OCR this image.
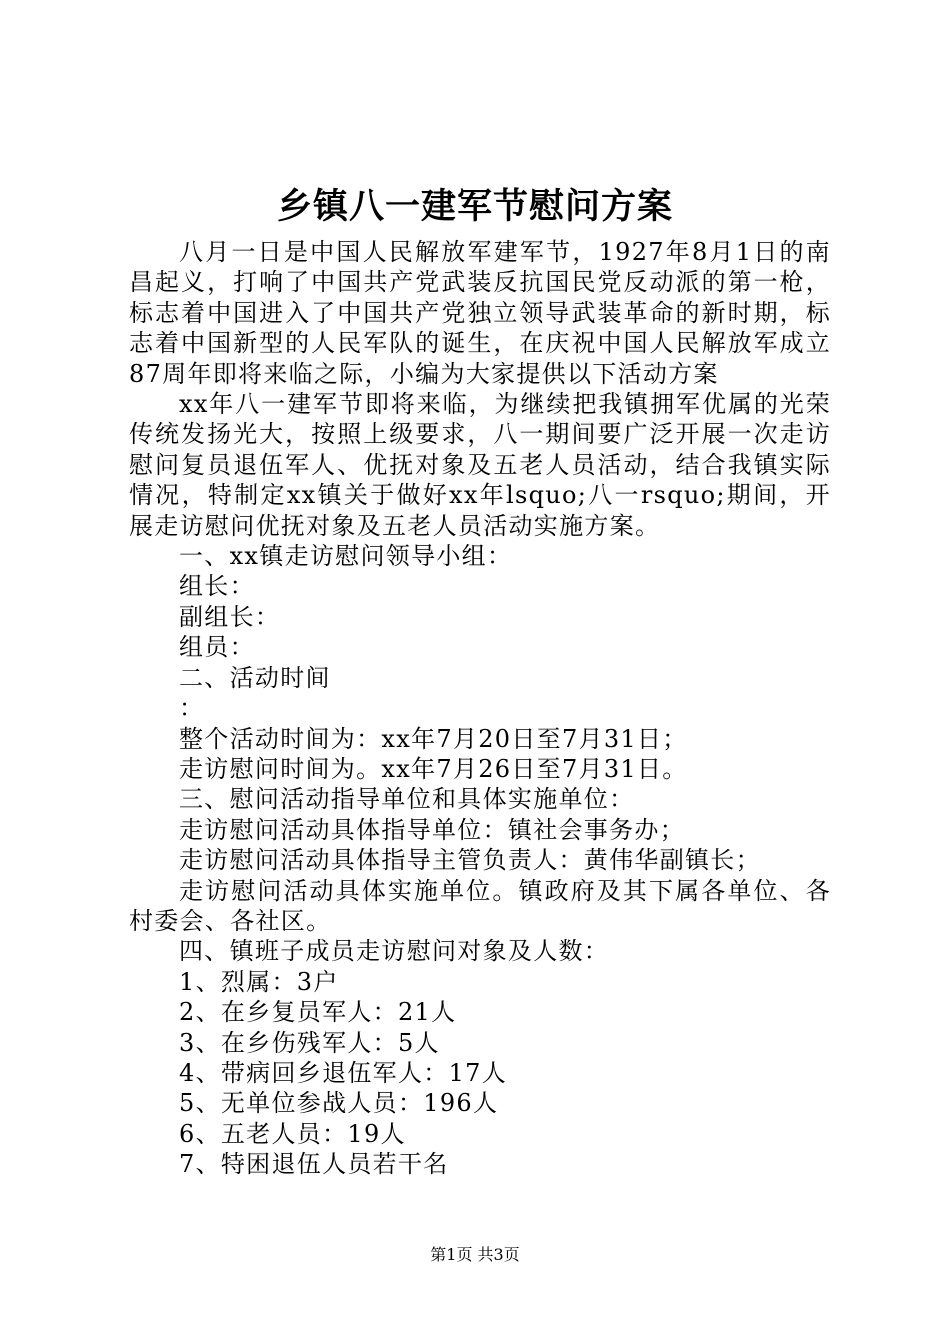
乡镇八一建军节慰问方案

八月一日是中国人民解放军建军节，1927年8月1日的南昌起义，打响了中国共产党武装反抗国民党反动派的第一枪，标志着中国进入了中国共产党独立领导武装革命的新时期，标志着中国新型的人民军队的诞生，在庆祝中国人民解放军成立87周年即将来临之际，小编为大家提供以下活动方案

xx年八一建军节即将来临，为继续把我镇拥军优属的光荣传统发扬光大，按照上级要求，八一期间要广泛开展一次走访慰问复员退伍军人、优抚对象及五老人员活动，结合我镇实际情况，特制定xx镇关于做好xx年lsquo;八一rsquo;期间，开展走访慰问优抚对象及五老人员活动实施方案。

一、xx镇走访慰问领导小组：

组长：

副组长：

组员：

二、活动时间

：

整个活动时间为：xx年7月20日至7月31日；

走访慰问时间为。xx年7月26日至7月31日。

三、慰问活动指导单位和具体实施单位：

走访慰问活动具体指导单位：镇社会事务办；

走访慰问活动具体指导主管负责人：黄伟华副镇长；

走访慰问活动具体实施单位。镇政府及其下属各单位、各村委会、各社区。

四、镇班子成员走访慰问对象及人数：

1、烈属：3户

2、在乡复员军人：21人

3、在乡伤残军人：5人

4、带病回乡退伍军人：17人

5、无单位参战人员：196人

6、五老人员：19人

7、特困退伍人员若干名

第1页 共3页
